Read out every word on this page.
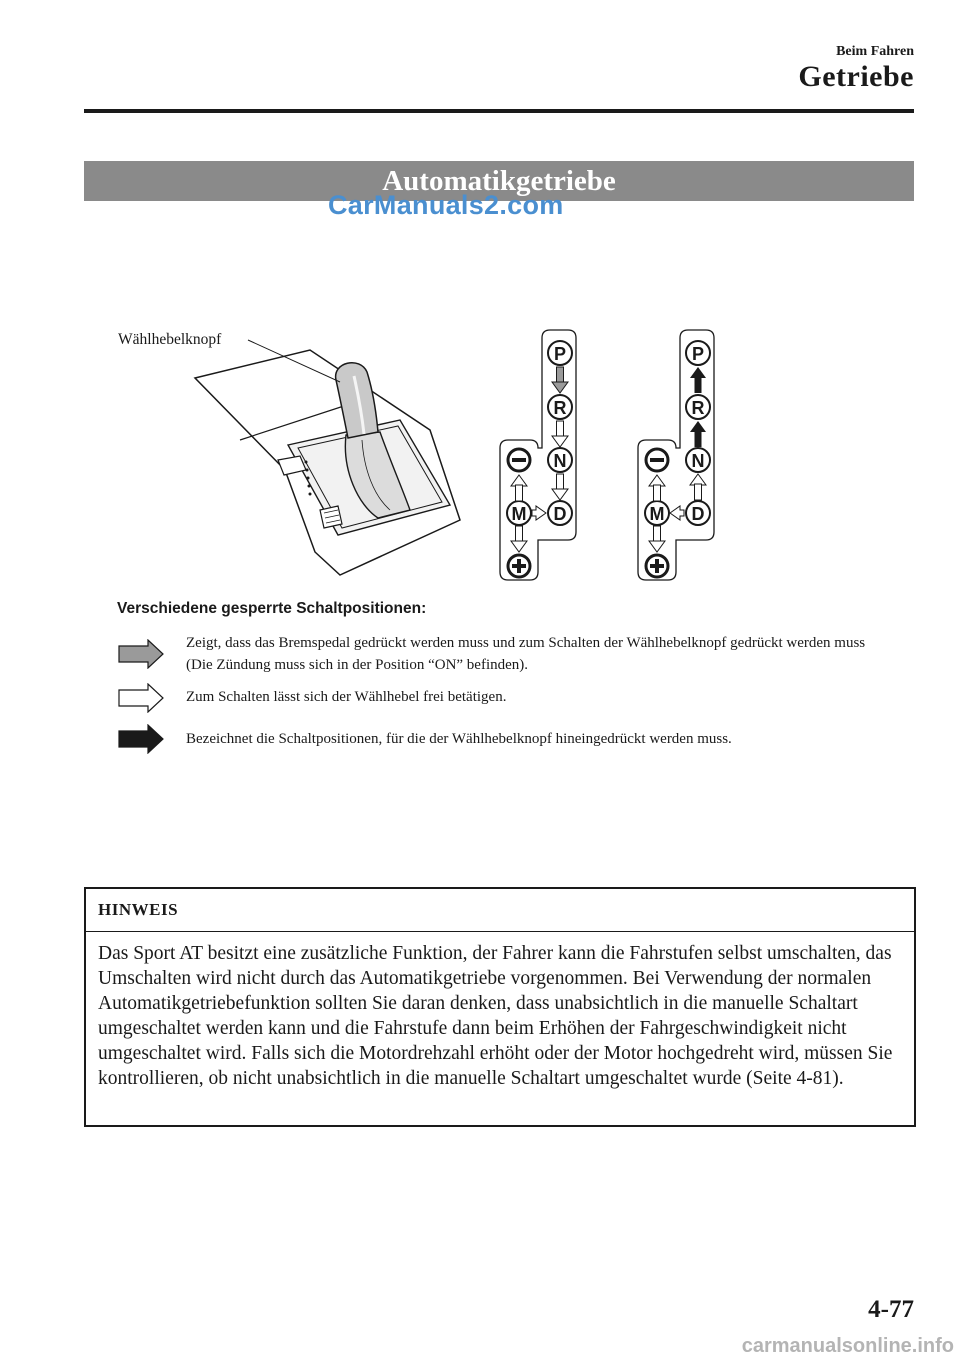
Beim Fahren
Getriebe
Automatikgetriebe
CarManuals2.com
Wählhebelknopf
P
R
N
D
M
P
R
N
D
M
Verschiedene gesperrte Schaltpositionen:
Zeigt, dass das Bremspedal gedrückt werden muss und zum Schalten der Wählhebelknopf gedrückt werden muss (Die Zündung muss sich in der Position “ON” befinden).
Zum Schalten lässt sich der Wählhebel frei betätigen.
Bezeichnet die Schaltpositionen, für die der Wählhebelknopf hineingedrückt werden muss.
HINWEIS
Das Sport AT besitzt eine zusätzliche Funktion, der Fahrer kann die Fahrstufen selbst umschalten, das Umschalten wird nicht durch das Automatikgetriebe vorgenommen. Bei Verwendung der normalen Automatikgetriebefunktion sollten Sie daran denken, dass unabsichtlich in die manuelle Schaltart umgeschaltet werden kann und die Fahrstufe dann beim Erhöhen der Fahrgeschwindigkeit nicht umgeschaltet wird. Falls sich die Motordrehzahl erhöht oder der Motor hochgedreht wird, müssen Sie kontrollieren, ob nicht unabsichtlich in die manuelle Schaltart umgeschaltet wurde (Seite 4-81).
4-77
carmanualsonline.info
